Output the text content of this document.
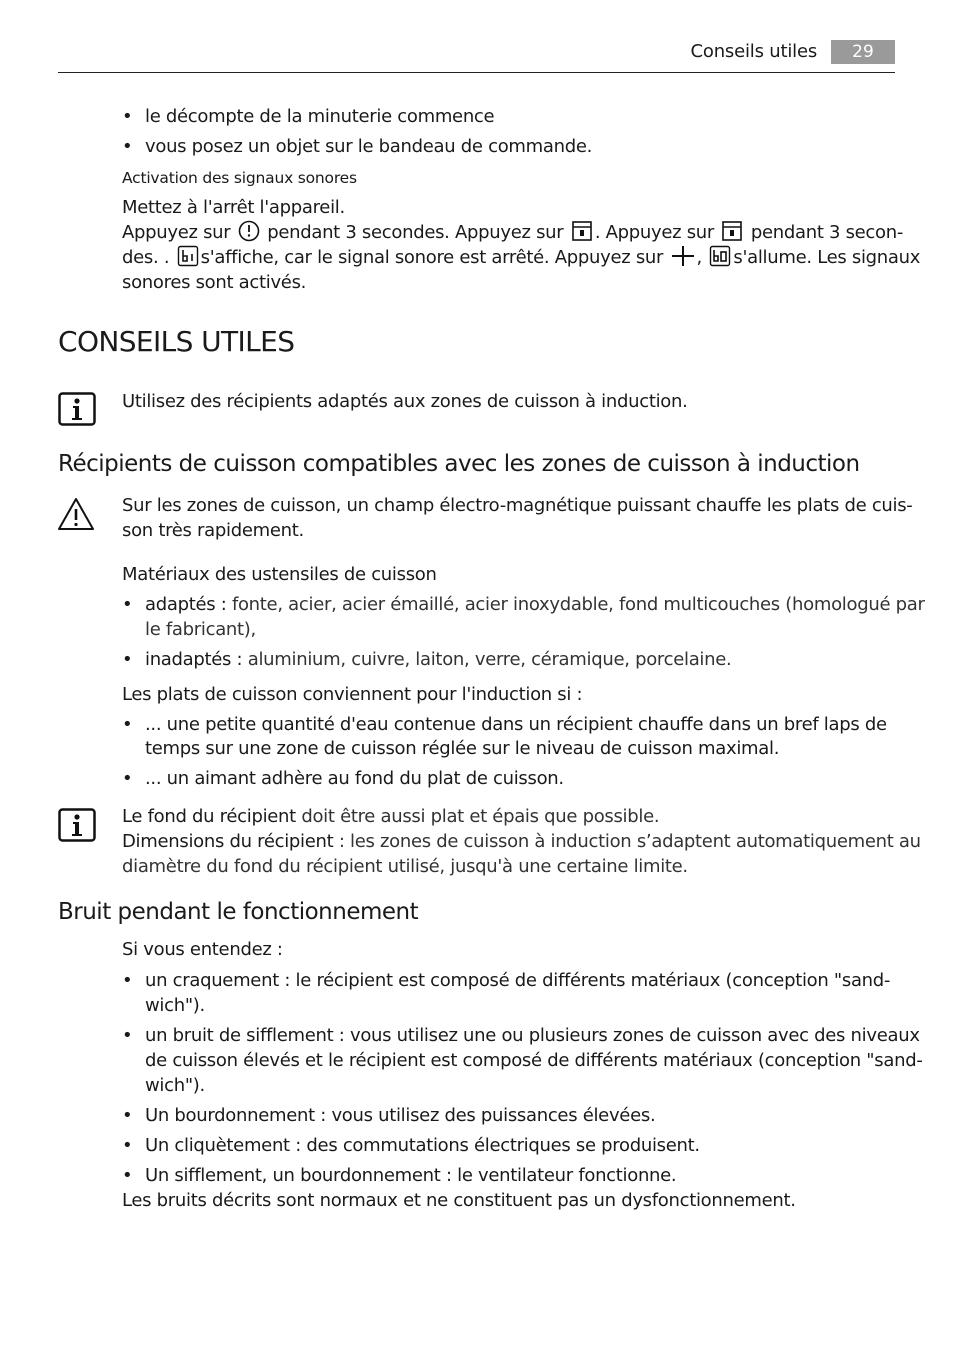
Conseils utiles	29
• le décompte de la minuterie commence
• vous posez un objet sur le bandeau de commande.
Activation des signaux sonores
Mettez à l'arrêt l'appareil.
Appuyez sur pendant 3 secondes. Appuyez sur . Appuyez sur pendant 3 secon-
des. . s'affiche, car le signal sonore est arrêté. Appuyez sur , s'allume. Les signaux
sonores sont activés.
CONSEILS UTILES
Utilisez des récipients adaptés aux zones de cuisson à induction.
Récipients de cuisson compatibles avec les zones de cuisson à induction
Sur les zones de cuisson, un champ électro-magnétique puissant chauffe les plats de cuis-
son très rapidement.
Matériaux des ustensiles de cuisson
• adaptés : fonte, acier, acier émaillé, acier inoxydable, fond multicouches (homologué par
le fabricant),
• inadaptés : aluminium, cuivre, laiton, verre, céramique, porcelaine.
Les plats de cuisson conviennent pour l'induction si :
• ... une petite quantité d'eau contenue dans un récipient chauffe dans un bref laps de
temps sur une zone de cuisson réglée sur le niveau de cuisson maximal.
• ... un aimant adhère au fond du plat de cuisson.
Le fond du récipient doit être aussi plat et épais que possible.
Dimensions du récipient : les zones de cuisson à induction s’adaptent automatiquement au
diamètre du fond du récipient utilisé, jusqu'à une certaine limite.
Bruit pendant le fonctionnement
Si vous entendez :
• un craquement : le récipient est composé de différents matériaux (conception "sand-
wich").
• un bruit de sifflement : vous utilisez une ou plusieurs zones de cuisson avec des niveaux
de cuisson élevés et le récipient est composé de différents matériaux (conception "sand-
wich").
• Un bourdonnement : vous utilisez des puissances élevées.
• Un cliquètement : des commutations électriques se produisent.
• Un sifflement, un bourdonnement : le ventilateur fonctionne.
Les bruits décrits sont normaux et ne constituent pas un dysfonctionnement.
